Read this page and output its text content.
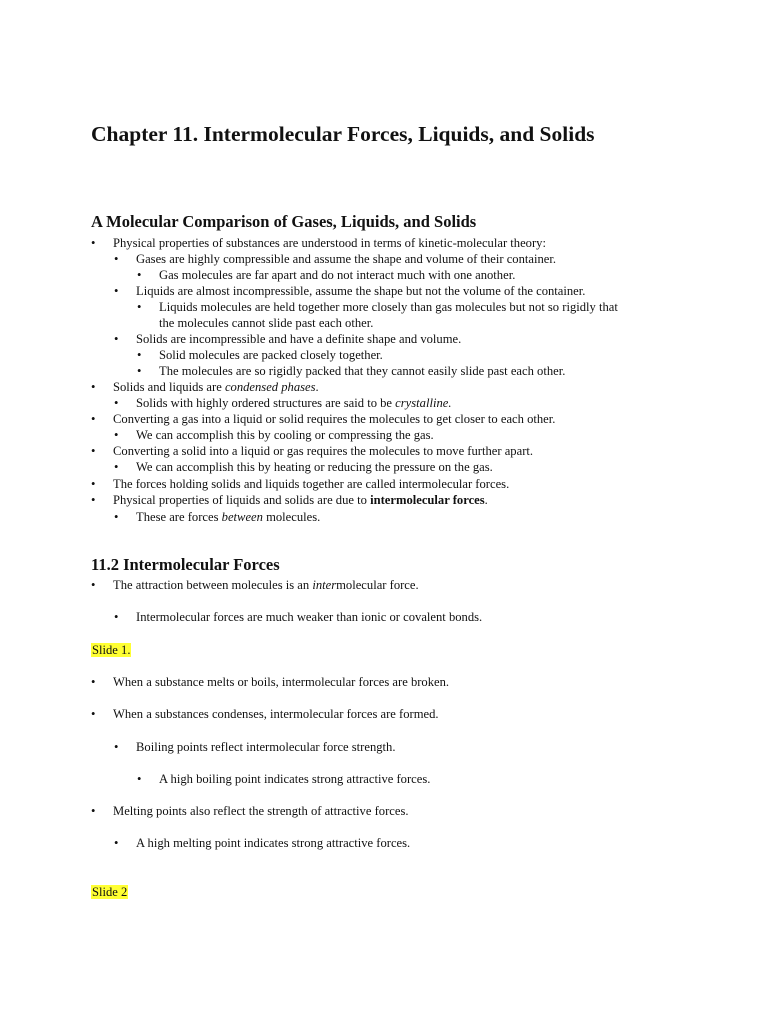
Chapter 11. Intermolecular Forces, Liquids, and Solids
A Molecular Comparison of Gases, Liquids, and Solids
• Physical properties of substances are understood in terms of kinetic-molecular theory:
• Gases are highly compressible and assume the shape and volume of their container.
• Gas molecules are far apart and do not interact much with one another.
• Liquids are almost incompressible, assume the shape but not the volume of the container.
• Liquids molecules are held together more closely than gas molecules but not so rigidly that
the molecules cannot slide past each other.
• Solids are incompressible and have a definite shape and volume.
• Solid molecules are packed closely together.
• The molecules are so rigidly packed that they cannot easily slide past each other.
• Solids and liquids are condensed phases.
• Solids with highly ordered structures are said to be crystalline.
• Converting a gas into a liquid or solid requires the molecules to get closer to each other.
• We can accomplish this by cooling or compressing the gas.
• Converting a solid into a liquid or gas requires the molecules to move further apart.
• We can accomplish this by heating or reducing the pressure on the gas.
• The forces holding solids and liquids together are called intermolecular forces.
• Physical properties of liquids and solids are due to intermolecular forces.
• These are forces between molecules.
11.2 Intermolecular Forces
• The attraction between molecules is an intermolecular force.
• Intermolecular forces are much weaker than ionic or covalent bonds.
Slide 1.
• When a substance melts or boils, intermolecular forces are broken.
• When a substances condenses, intermolecular forces are formed.
• Boiling points reflect intermolecular force strength.
• A high boiling point indicates strong attractive forces.
• Melting points also reflect the strength of attractive forces.
• A high melting point indicates strong attractive forces.
Slide 2
